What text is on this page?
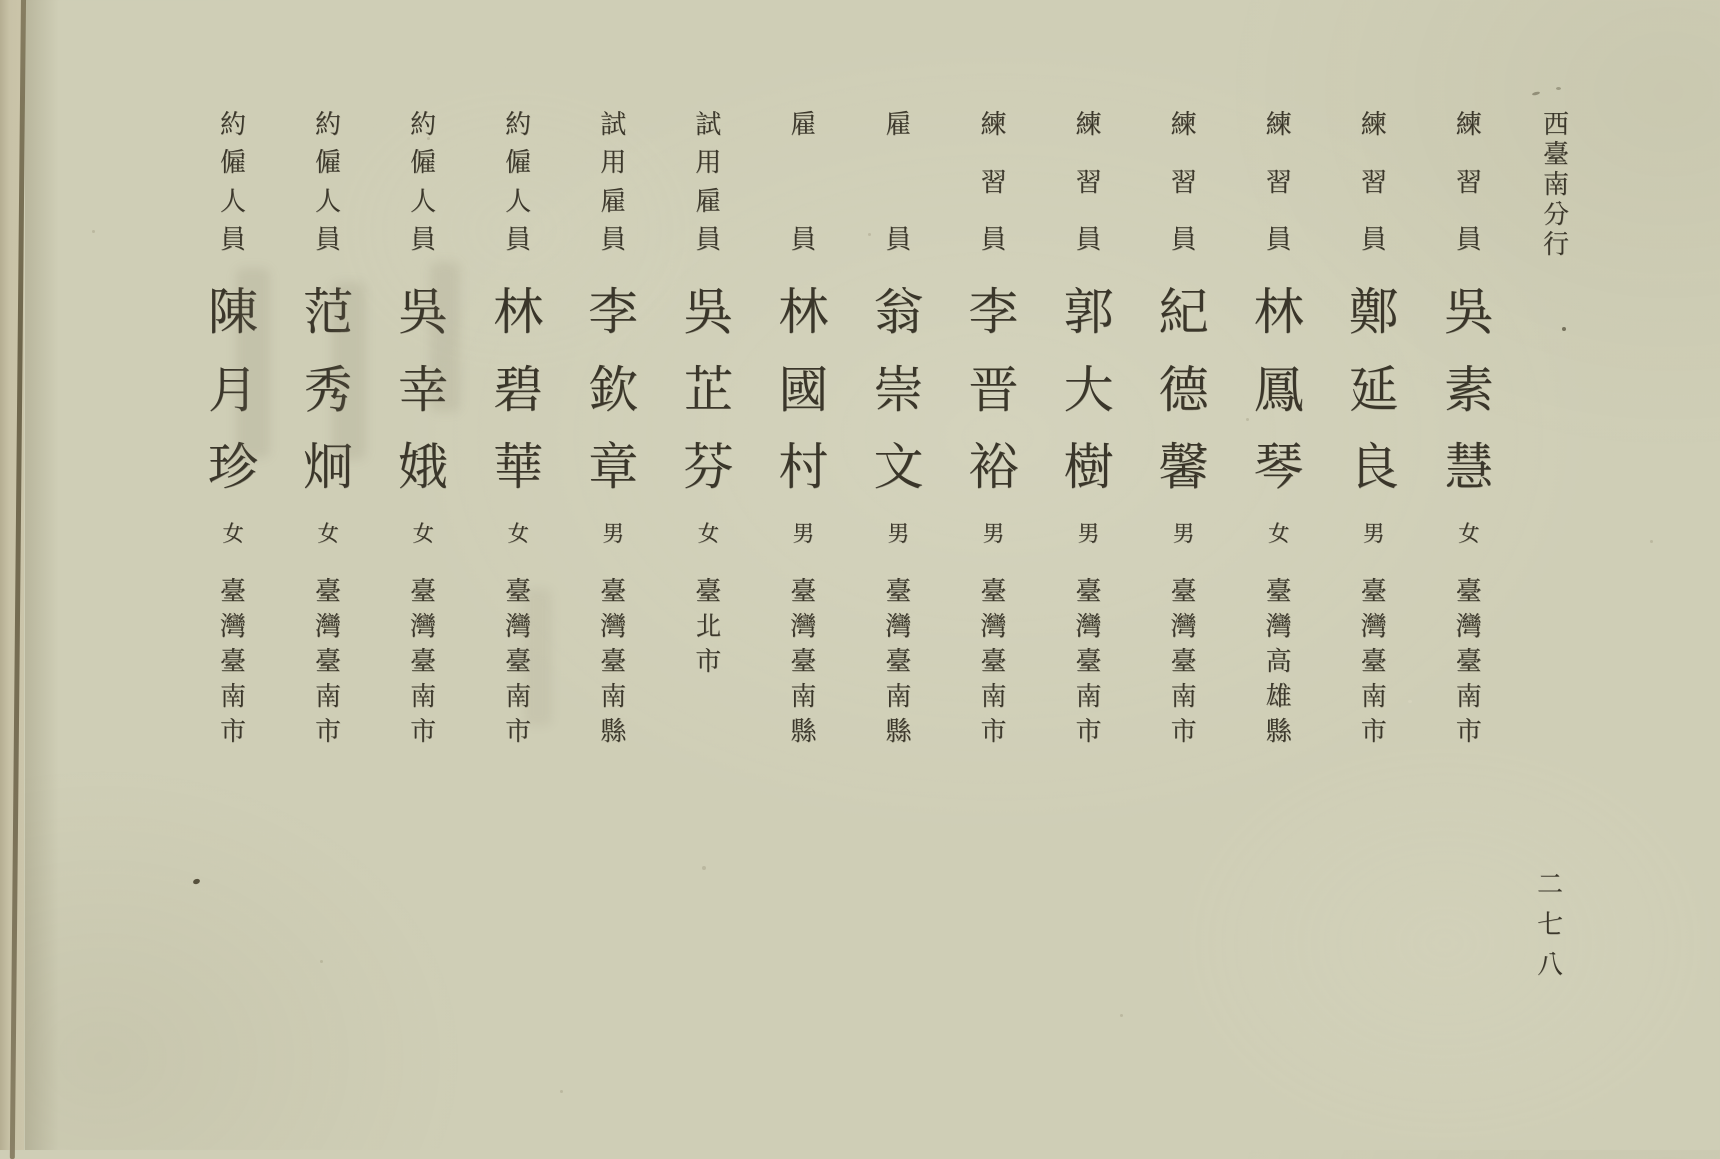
西
臺
南
分
行
練
習
員
吳
素
慧
女
臺
灣
臺
南
市
練
習
員
鄭
延
良
男
臺
灣
臺
南
市
練
習
員
林
鳳
琴
女
臺
灣
高
雄
縣
練
習
員
紀
德
馨
男
臺
灣
臺
南
市
練
習
員
郭
大
樹
男
臺
灣
臺
南
市
練
習
員
李
晋
裕
男
臺
灣
臺
南
市
雇
員
翁
崇
文
男
臺
灣
臺
南
縣
雇
員
林
國
村
男
臺
灣
臺
南
縣
試
用
雇
員
吳
芷
芬
女
臺
北
市
試
用
雇
員
李
欽
章
男
臺
灣
臺
南
縣
約
僱
人
員
林
碧
華
女
臺
灣
臺
南
市
約
僱
人
員
吳
幸
娥
女
臺
灣
臺
南
市
約
僱
人
員
范
秀
炯
女
臺
灣
臺
南
市
約
僱
人
員
陳
月
珍
女
臺
灣
臺
南
市
二
七
八
